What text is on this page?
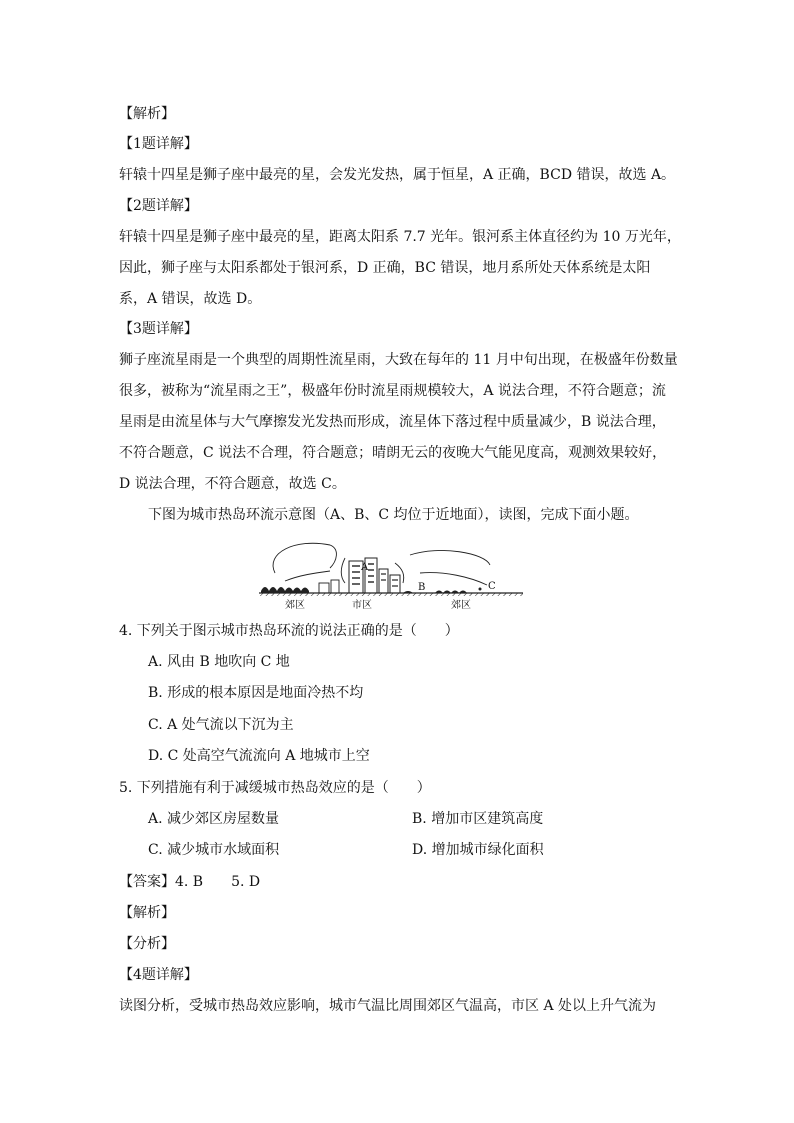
【解析】
【1题详解】
轩辕十四星是狮子座中最亮的星，会发光发热，属于恒星，A 正确，BCD 错误，故选 A。
【2题详解】
轩辕十四星是狮子座中最亮的星，距离太阳系 7.7 光年。银河系主体直径约为 10 万光年，
因此，狮子座与太阳系都处于银河系，D 正确，BC 错误，地月系所处天体系统是太阳
系，A 错误，故选 D。
【3题详解】
狮子座流星雨是一个典型的周期性流星雨，大致在每年的 11 月中旬出现，在极盛年份数量
很多，被称为“流星雨之王”，极盛年份时流星雨规模较大，A 说法合理，不符合题意；流
星雨是由流星体与大气摩擦发光发热而形成，流星体下落过程中质量减少，B 说法合理，
不符合题意，C 说法不合理，符合题意；晴朗无云的夜晚大气能见度高，观测效果较好，
D 说法合理，不符合题意，故选 C。
下图为城市热岛环流示意图（A、B、C 均位于近地面），读图，完成下面小题。
A
B	C
郊区	市区	郊区
4. 下列关于图示城市热岛环流的说法正确的是（　　）
A. 风由 B 地吹向 C 地
B. 形成的根本原因是地面冷热不均
C. A 处气流以下沉为主
D. C 处高空气流流向 A 地城市上空
5. 下列措施有利于减缓城市热岛效应的是（　　）
A. 减少郊区房屋数量	B. 增加市区建筑高度
C. 减少城市水域面积	D. 增加城市绿化面积
【答案】4. B　　5. D
【解析】
【分析】
【4题详解】
读图分析，受城市热岛效应影响，城市气温比周围郊区气温高，市区 A 处以上升气流为
